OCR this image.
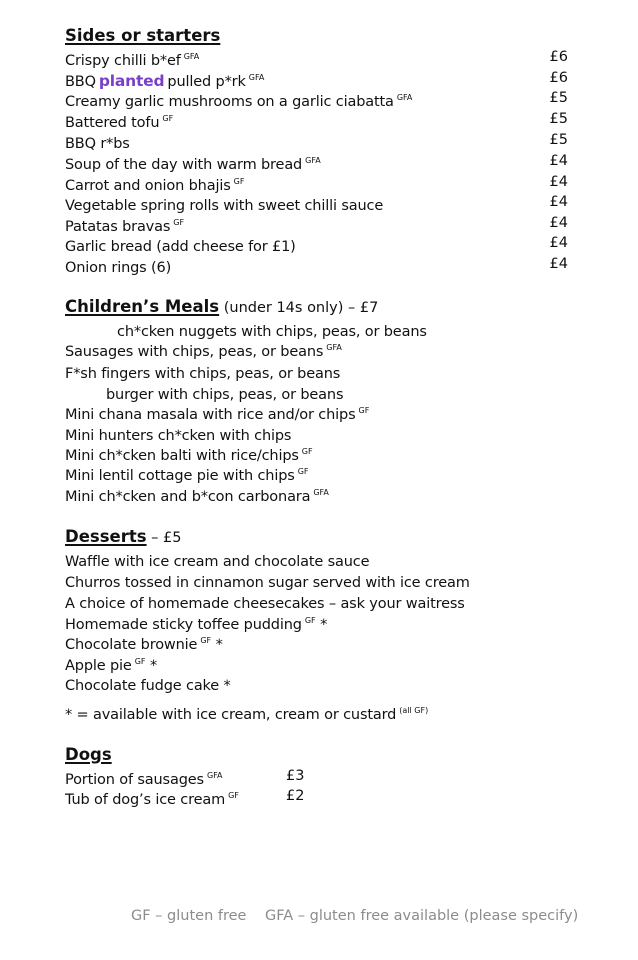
Sides or starters
Crispy chilli b*ef $^{GFA}$	£6
BBQ planted pulled p*rk $^{GFA}$	£6
Creamy garlic mushrooms on a garlic ciabatta $^{GFA}$	£5
Battered tofu $^{GF}$	£5
BBQ r*bs	£5
Soup of the day with warm bread $^{GFA}$	£4
Carrot and onion bhajis $^{GF}$	£4
Vegetable spring rolls with sweet chilli sauce	£4
Patatas bravas $^{GF}$	£4
Garlic bread (add cheese for £1)	£4
Onion rings (6)	£4
Children’s Meals (under 14s only) – £7
ch*cken nuggets with chips, peas, or beans
Sausages with chips, peas, or beans $^{GFA}$
F*sh fingers with chips, peas, or beans
burger with chips, peas, or beans
Mini chana masala with rice and/or chips $^{GF}$
Mini hunters ch*cken with chips
Mini ch*cken balti with rice/chips $^{GF}$
Mini lentil cottage pie with chips $^{GF}$
Mini ch*cken and b*con carbonara $^{GFA}$
Desserts – £5
Waffle with ice cream and chocolate sauce
Churros tossed in cinnamon sugar served with ice cream
A choice of homemade cheesecakes – ask your waitress
Homemade sticky toffee pudding $^{GF}$ *
Chocolate brownie $^{GF}$ *
Apple pie $^{GF}$ *
Chocolate fudge cake *
* = available with ice cream, cream or custard $^{(all GF)}$
Dogs
Portion of sausages $^{GFA}$	£3
Tub of dog’s ice cream $^{GF}$	£2
GF – gluten free GFA – gluten free available (please specify)
